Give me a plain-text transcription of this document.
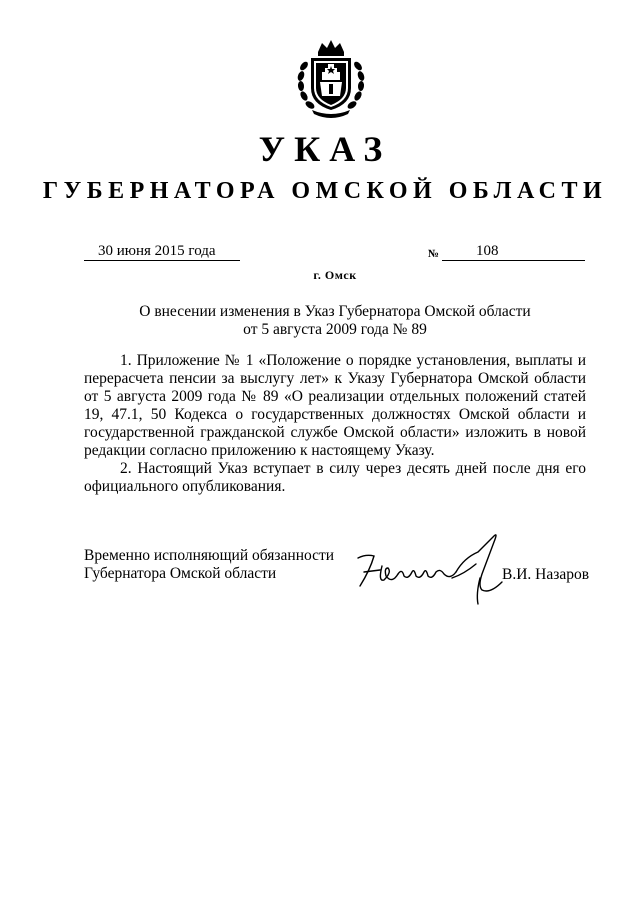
УКАЗ
ГУБЕРНАТОРА ОМСКОЙ ОБЛАСТИ
30 июня 2015 года	№	108
г. Омск
О внесении изменения в Указ Губернатора Омской области
от 5 августа 2009 года № 89

1. Приложение № 1 «Положение о порядке установления, выплаты и перерасчета пенсии за выслугу лет» к Указу Губернатора Омской области от 5 августа 2009 года № 89 «О реализации отдельных положений статей 19, 47.1, 50 Кодекса о государственных должностях Омской области и государственной гражданской службе Омской области» изложить в новой редакции согласно приложению к настоящему Указу.

2. Настоящий Указ вступает в силу через десять дней после дня его официального опубликования.

Временно исполняющий обязанности
Губернатора Омской области	В.И. Назаров
